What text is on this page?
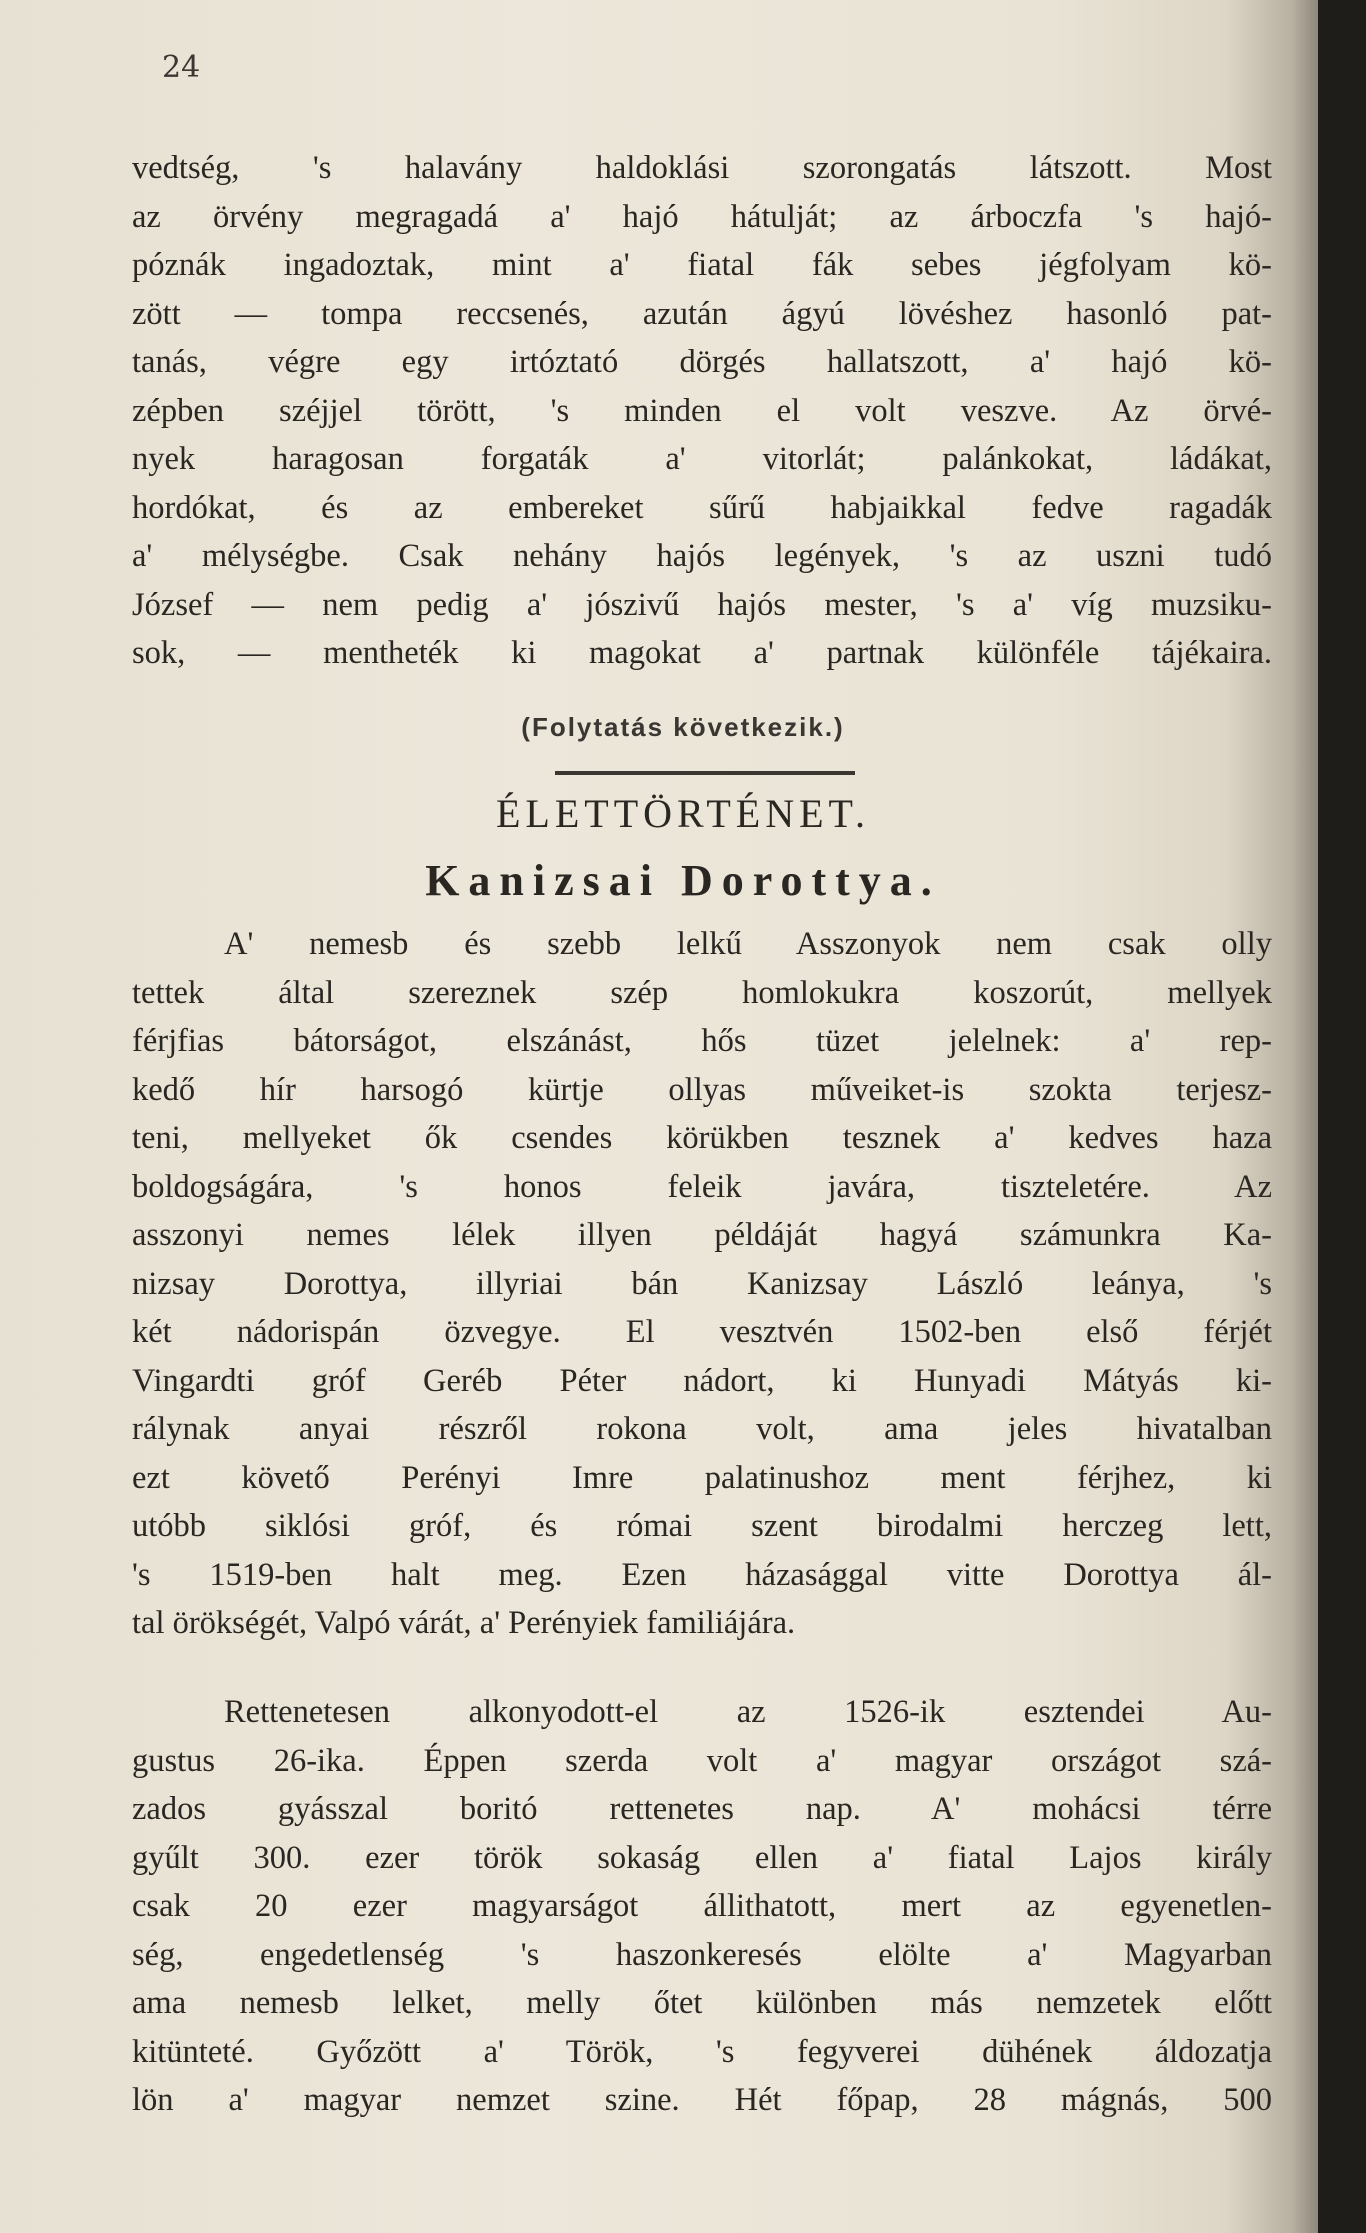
24
vedtség, 's halavány haldoklási szorongatás látszott. Most
az örvény megragadá a' hajó hátulját; az árboczfa 's hajó-
póznák ingadoztak, mint a' fiatal fák sebes jégfolyam kö-
zött — tompa reccsenés, azután ágyú lövéshez hasonló pat-
tanás, végre egy irtóztató dörgés hallatszott, a' hajó kö-
zépben széjjel törött, 's minden el volt veszve. Az örvé-
nyek haragosan forgaták a' vitorlát; palánkokat, ládákat,
hordókat, és az embereket sűrű habjaikkal fedve ragadák
a' mélységbe. Csak nehány hajós legények, 's az uszni tudó
József — nem pedig a' jószivű hajós mester, 's a' víg muzsiku-
sok, — mentheték ki magokat a' partnak különféle tájékaira.
(Folytatás következik.)
ÉLETTÖRTÉNET.
Kanizsai Dorottya.
A' nemesb és szebb lelkű Asszonyok nem csak olly
tettek által szereznek szép homlokukra koszorút, mellyek
férjfias bátorságot, elszánást, hős tüzet jelelnek: a' rep-
kedő hír harsogó kürtje ollyas műveiket-is szokta terjesz-
teni, mellyeket ők csendes körükben tesznek a' kedves haza
boldogságára, 's honos feleik javára, tiszteletére. Az
asszonyi nemes lélek illyen példáját hagyá számunkra Ka-
nizsay Dorottya, illyriai bán Kanizsay László leánya, 's
két nádorispán özvegye. El vesztvén 1502-ben első férjét
Vingardti gróf Geréb Péter nádort, ki Hunyadi Mátyás ki-
rálynak anyai részről rokona volt, ama jeles hivatalban
ezt követő Perényi Imre palatinushoz ment férjhez, ki
utóbb siklósi gróf, és római szent birodalmi herczeg lett,
's 1519-ben halt meg. Ezen házasággal vitte Dorottya ál-
tal örökségét, Valpó várát, a' Perényiek familiájára.
Rettenetesen alkonyodott-el az 1526-ik esztendei Au-
gustus 26-ika. Éppen szerda volt a' magyar országot szá-
zados gyásszal boritó rettenetes nap. A' mohácsi térre
gyűlt 300. ezer török sokaság ellen a' fiatal Lajos király
csak 20 ezer magyarságot állithatott, mert az egyenetlen-
ség, engedetlenség 's haszonkeresés elölte a' Magyarban
ama nemesb lelket, melly őtet különben más nemzetek előtt
kitünteté. Győzött a' Török, 's fegyverei dühének áldozatja
lön a' magyar nemzet szine. Hét főpap, 28 mágnás, 500
